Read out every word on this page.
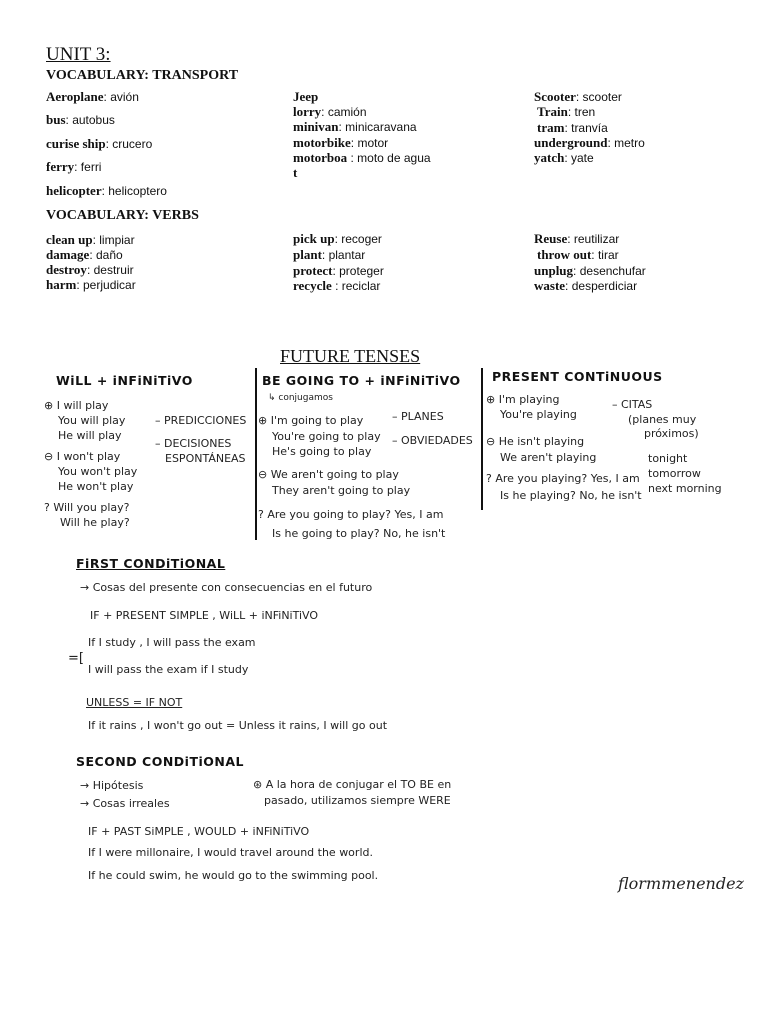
UNIT 3:
VOCABULARY: TRANSPORT
Aeroplane: avión
bus: autobus
curise ship: crucero
ferry: ferri
helicopter: helicoptero
Jeep
lorry: camión
minivan: minicaravana
motorbike: motor
motorboa : moto de agua
t
Scooter: scooter
Train: tren
tram: tranvía
underground: metro
yatch: yate
VOCABULARY: VERBS
clean up: limpiar
damage: daño
destroy: destruir
harm: perjudicar
pick up: recoger
plant: plantar
protect: proteger
recycle : reciclar
Reuse: reutilizar
throw out: tirar
unplug: desenchufar
waste: desperdiciar
FUTURE TENSES
WiLL + iNFiNiTiVO
⊕ I will play
You will play
He will play
⊖ I won't play
You won't play
He won't play
? Will you play?
Will he play?
– PREDICCIONES
– DECISIONES
ESPONTÁNEAS
BE GOING TO + iNFiNiTiVO
↳ conjugamos
⊕ I'm going to play
You're going to play
He's going to play
⊖ We aren't going to play
They aren't going to play
? Are you going to play? Yes, I am
Is he going to play? No, he isn't
– PLANES
– OBVIEDADES
PRESENT CONTiNUOUS
⊕ I'm playing
You're playing
⊖ He isn't playing
We aren't playing
? Are you playing? Yes, I am
Is he playing? No, he isn't
– CITAS
(planes muy
próximos)
tonight
tomorrow
next morning
FiRST CONDiTiONAL
→ Cosas del presente con consecuencias en el futuro
IF + PRESENT SIMPLE , WiLL + iNFiNiTiVO
=[
If I study , I will pass the exam
I will pass the exam if I study
UNLESS = IF NOT
If it rains , I won't go out = Unless it rains, I will go out
SECOND CONDiTiONAL
→ Hipótesis
→ Cosas irreales
IF + PAST SiMPLE , WOULD + iNFiNiTiVO
If I were millonaire, I would travel around the world.
If he could swim, he would go to the swimming pool.
⊛ A la hora de conjugar el TO BE en
pasado, utilizamos siempre WERE
flormmenendez
